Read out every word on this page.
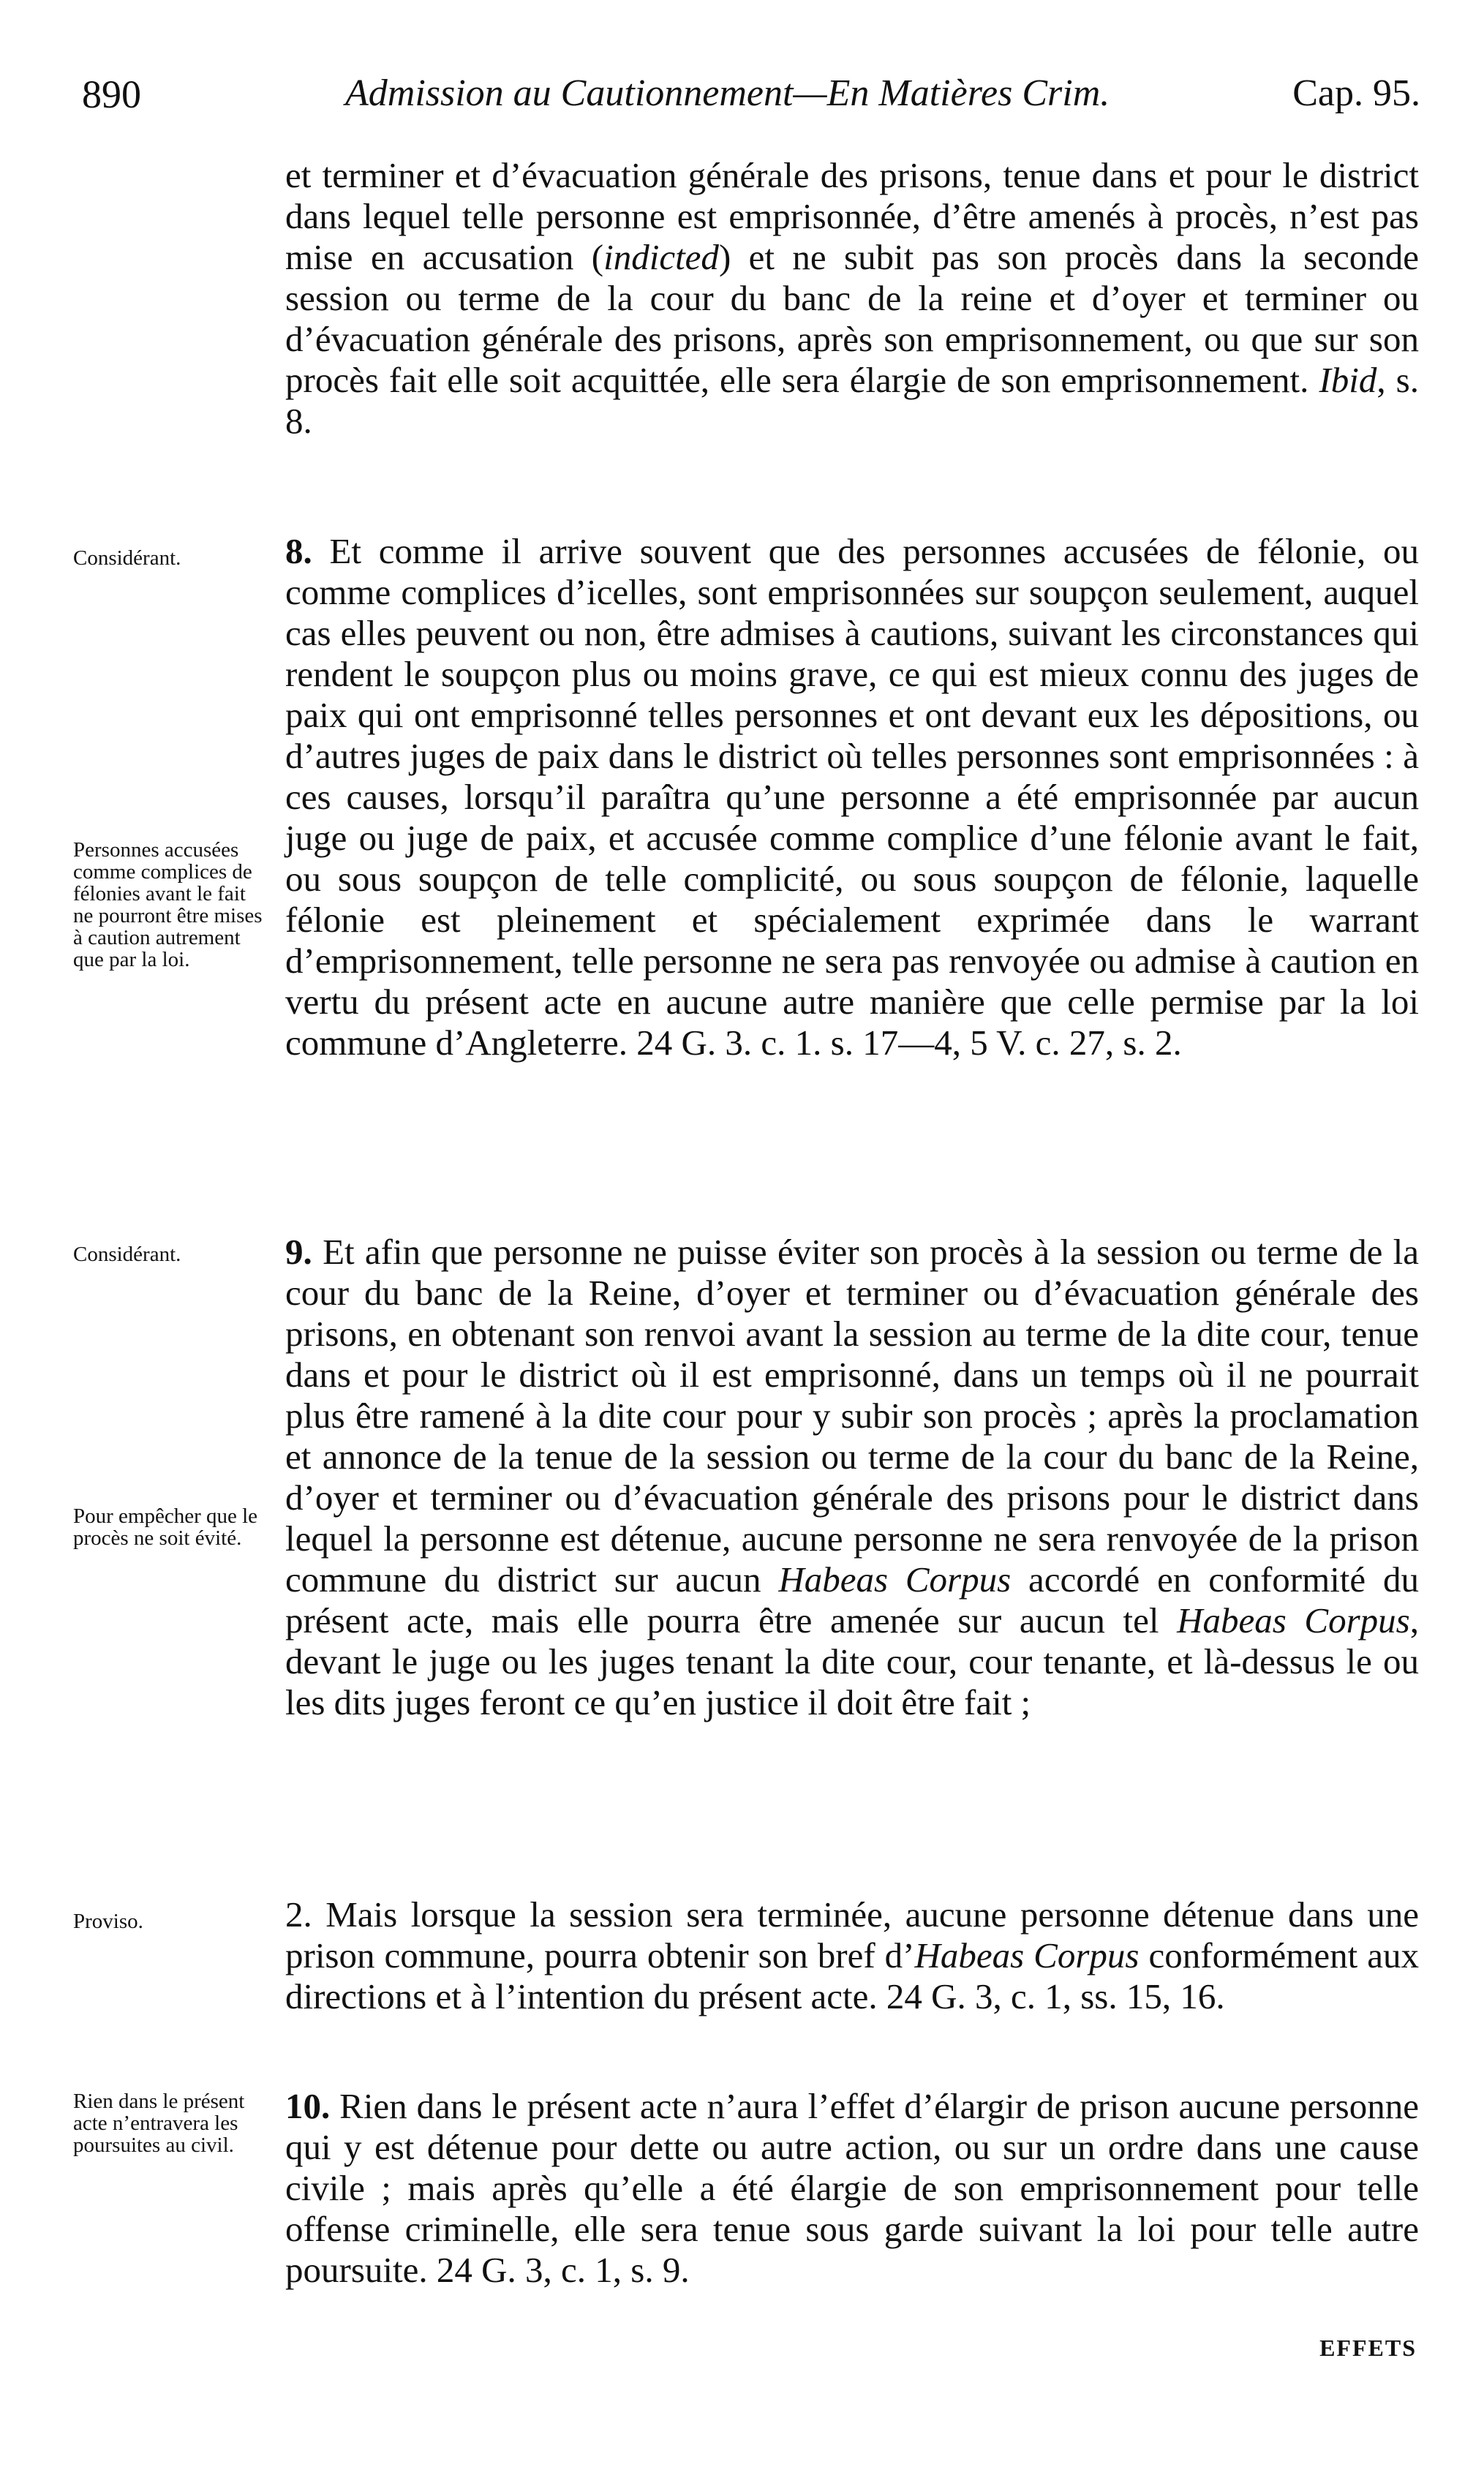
890	Admission au Cautionnement—En Matières Crim.	Cap. 95.
et terminer et d’évacuation générale des prisons, tenue dans et pour le district dans lequel telle personne est emprisonnée, d’être amenés à procès, n’est pas mise en accusation (indicted) et ne subit pas son procès dans la seconde session ou terme de la cour du banc de la reine et d’oyer et terminer ou d’évacuation générale des prisons, après son emprisonnement, ou que sur son procès fait elle soit acquittée, elle sera élargie de son emprisonnement. Ibid, s. 8.
Considérant.
Personnes accusées comme complices de félonies avant le fait ne pourront être mises à caution autrement que par la loi.
8. Et comme il arrive souvent que des personnes accusées de félonie, ou comme complices d’icelles, sont emprisonnées sur soupçon seulement, auquel cas elles peuvent ou non, être admises à cautions, suivant les circonstances qui rendent le soupçon plus ou moins grave, ce qui est mieux connu des juges de paix qui ont emprisonné telles personnes et ont devant eux les dépositions, ou d’autres juges de paix dans le district où telles personnes sont emprisonnées : à ces causes, lorsqu’il paraîtra qu’une personne a été emprisonnée par aucun juge ou juge de paix, et accusée comme complice d’une félonie avant le fait, ou sous soupçon de telle complicité, ou sous soupçon de félonie, laquelle félonie est pleinement et spécialement exprimée dans le warrant d’emprisonnement, telle personne ne sera pas renvoyée ou admise à caution en vertu du présent acte en aucune autre manière que celle permise par la loi commune d’Angleterre. 24 G. 3. c. 1. s. 17—4, 5 V. c. 27, s. 2.
Considérant.
Pour empêcher que le procès ne soit évité.
9. Et afin que personne ne puisse éviter son procès à la session ou terme de la cour du banc de la Reine, d’oyer et terminer ou d’évacuation générale des prisons, en obtenant son renvoi avant la session au terme de la dite cour, tenue dans et pour le district où il est emprisonné, dans un temps où il ne pourrait plus être ramené à la dite cour pour y subir son procès ; après la proclamation et annonce de la tenue de la session ou terme de la cour du banc de la Reine, d’oyer et terminer ou d’évacuation générale des prisons pour le district dans lequel la personne est détenue, aucune personne ne sera renvoyée de la prison commune du district sur aucun Habeas Corpus accordé en conformité du présent acte, mais elle pourra être amenée sur aucun tel Habeas Corpus, devant le juge ou les juges tenant la dite cour, cour tenante, et là-dessus le ou les dits juges feront ce qu’en justice il doit être fait ;
Proviso.	2. Mais lorsque la session sera terminée, aucune personne détenue dans une prison commune, pourra obtenir son bref d’Habeas Corpus conformément aux directions et à l’intention du présent acte. 24 G. 3, c. 1, ss. 15, 16.
Rien dans le présent acte n’entravera les poursuites au civil.
10. Rien dans le présent acte n’aura l’effet d’élargir de prison aucune personne qui y est détenue pour dette ou autre action, ou sur un ordre dans une cause civile ; mais après qu’elle a été élargie de son emprisonnement pour telle offense criminelle, elle sera tenue sous garde suivant la loi pour telle autre poursuite. 24 G. 3, c. 1, s. 9.
EFFETS
